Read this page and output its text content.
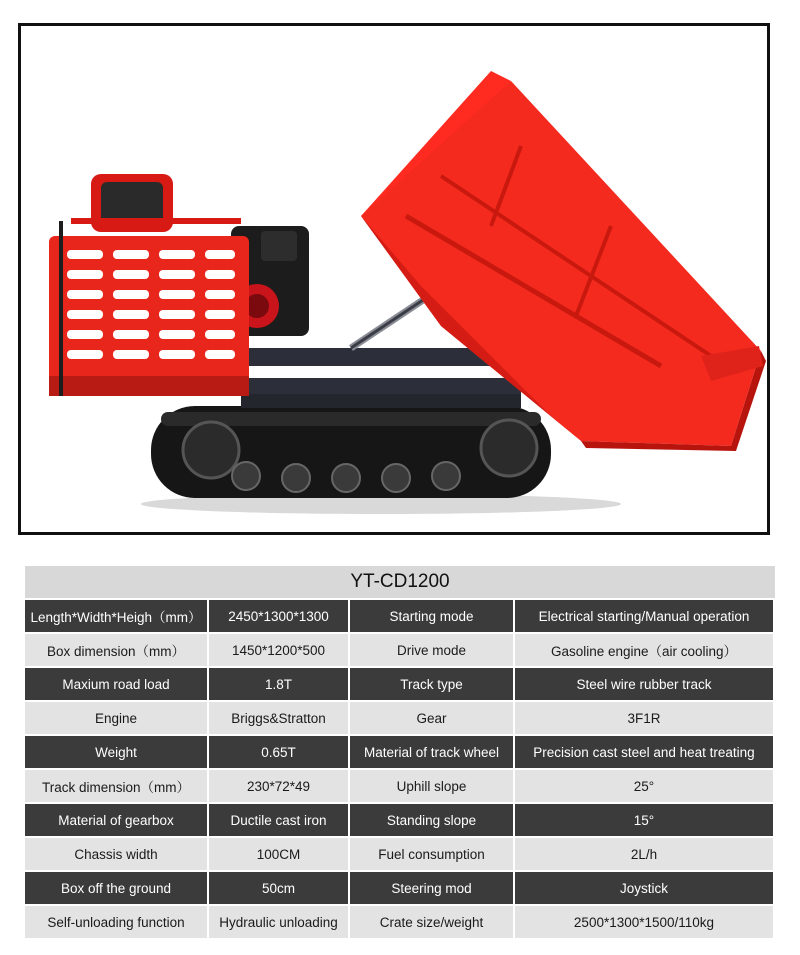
YT-CD1200
Length*Width*Heigh（mm）	2450*1300*1300	Starting mode	Electrical starting/Manual operation
Box dimension（mm）	1450*1200*500	Drive mode	Gasoline engine（air cooling）
Maxium road load	1.8T	Track type	Steel wire rubber track
Engine	Briggs&Stratton	Gear	3F1R
Weight	0.65T	Material of track wheel	Precision cast steel and heat treating
Track dimension（mm）	230*72*49	Uphill slope	25°
Material of gearbox	Ductile cast iron	Standing slope	15°
Chassis width	100CM	Fuel consumption	2L/h
Box off the ground	50cm	Steering mod	Joystick
Self-unloading function	Hydraulic unloading	Crate size/weight	2500*1300*1500/110kg
